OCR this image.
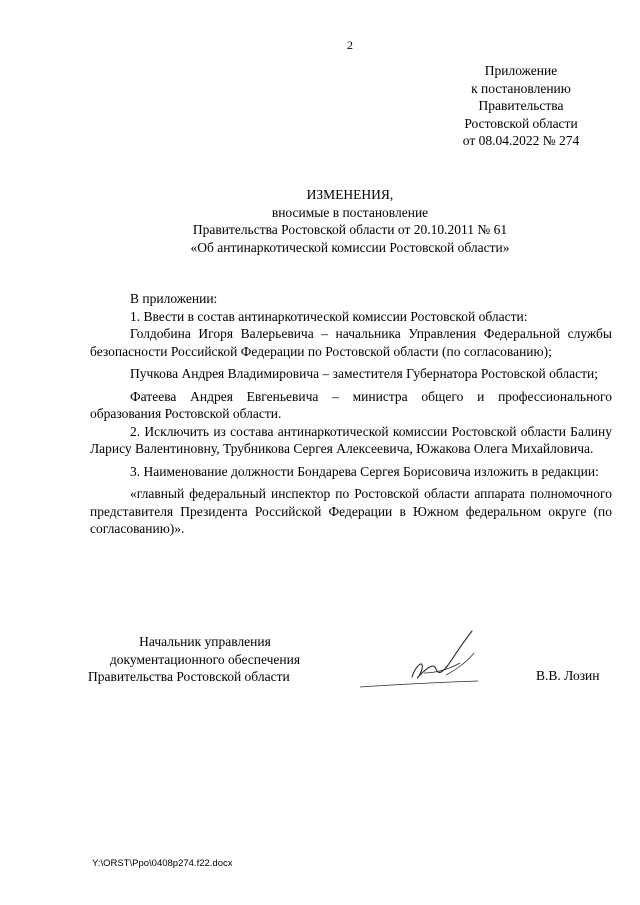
2
Приложение
к постановлению
Правительства
Ростовской области
от 08.04.2022 № 274
ИЗМЕНЕНИЯ,
вносимые в постановление
Правительства Ростовской области от 20.10.2011 № 61
«Об антинаркотической комиссии Ростовской области»

В приложении:

1. Ввести в состав антинаркотической комиссии Ростовской области:

Голдобина Игоря Валерьевича – начальника Управления Федеральной службы безопасности Российской Федерации по Ростовской области (по согласованию);

Пучкова Андрея Владимировича – заместителя Губернатора Ростовской области;

Фатеева Андрея Евгеньевича – министра общего и профессионального образования Ростовской области.

2. Исключить из состава антинаркотической комиссии Ростовской области Балину Ларису Валентиновну, Трубникова Сергея Алексеевича, Южакова Олега Михайловича.

3. Наименование должности Бондарева Сергея Борисовича изложить в редакции:

«главный федеральный инспектор по Ростовской области аппарата полномочного представителя Президента Российской Федерации в Южном федеральном округе (по согласованию)».

Начальник управления
документационного обеспечения
Правительства Ростовской области	В.В. Лозин
Y:\ORST\Ppo\0408p274.f22.docx
